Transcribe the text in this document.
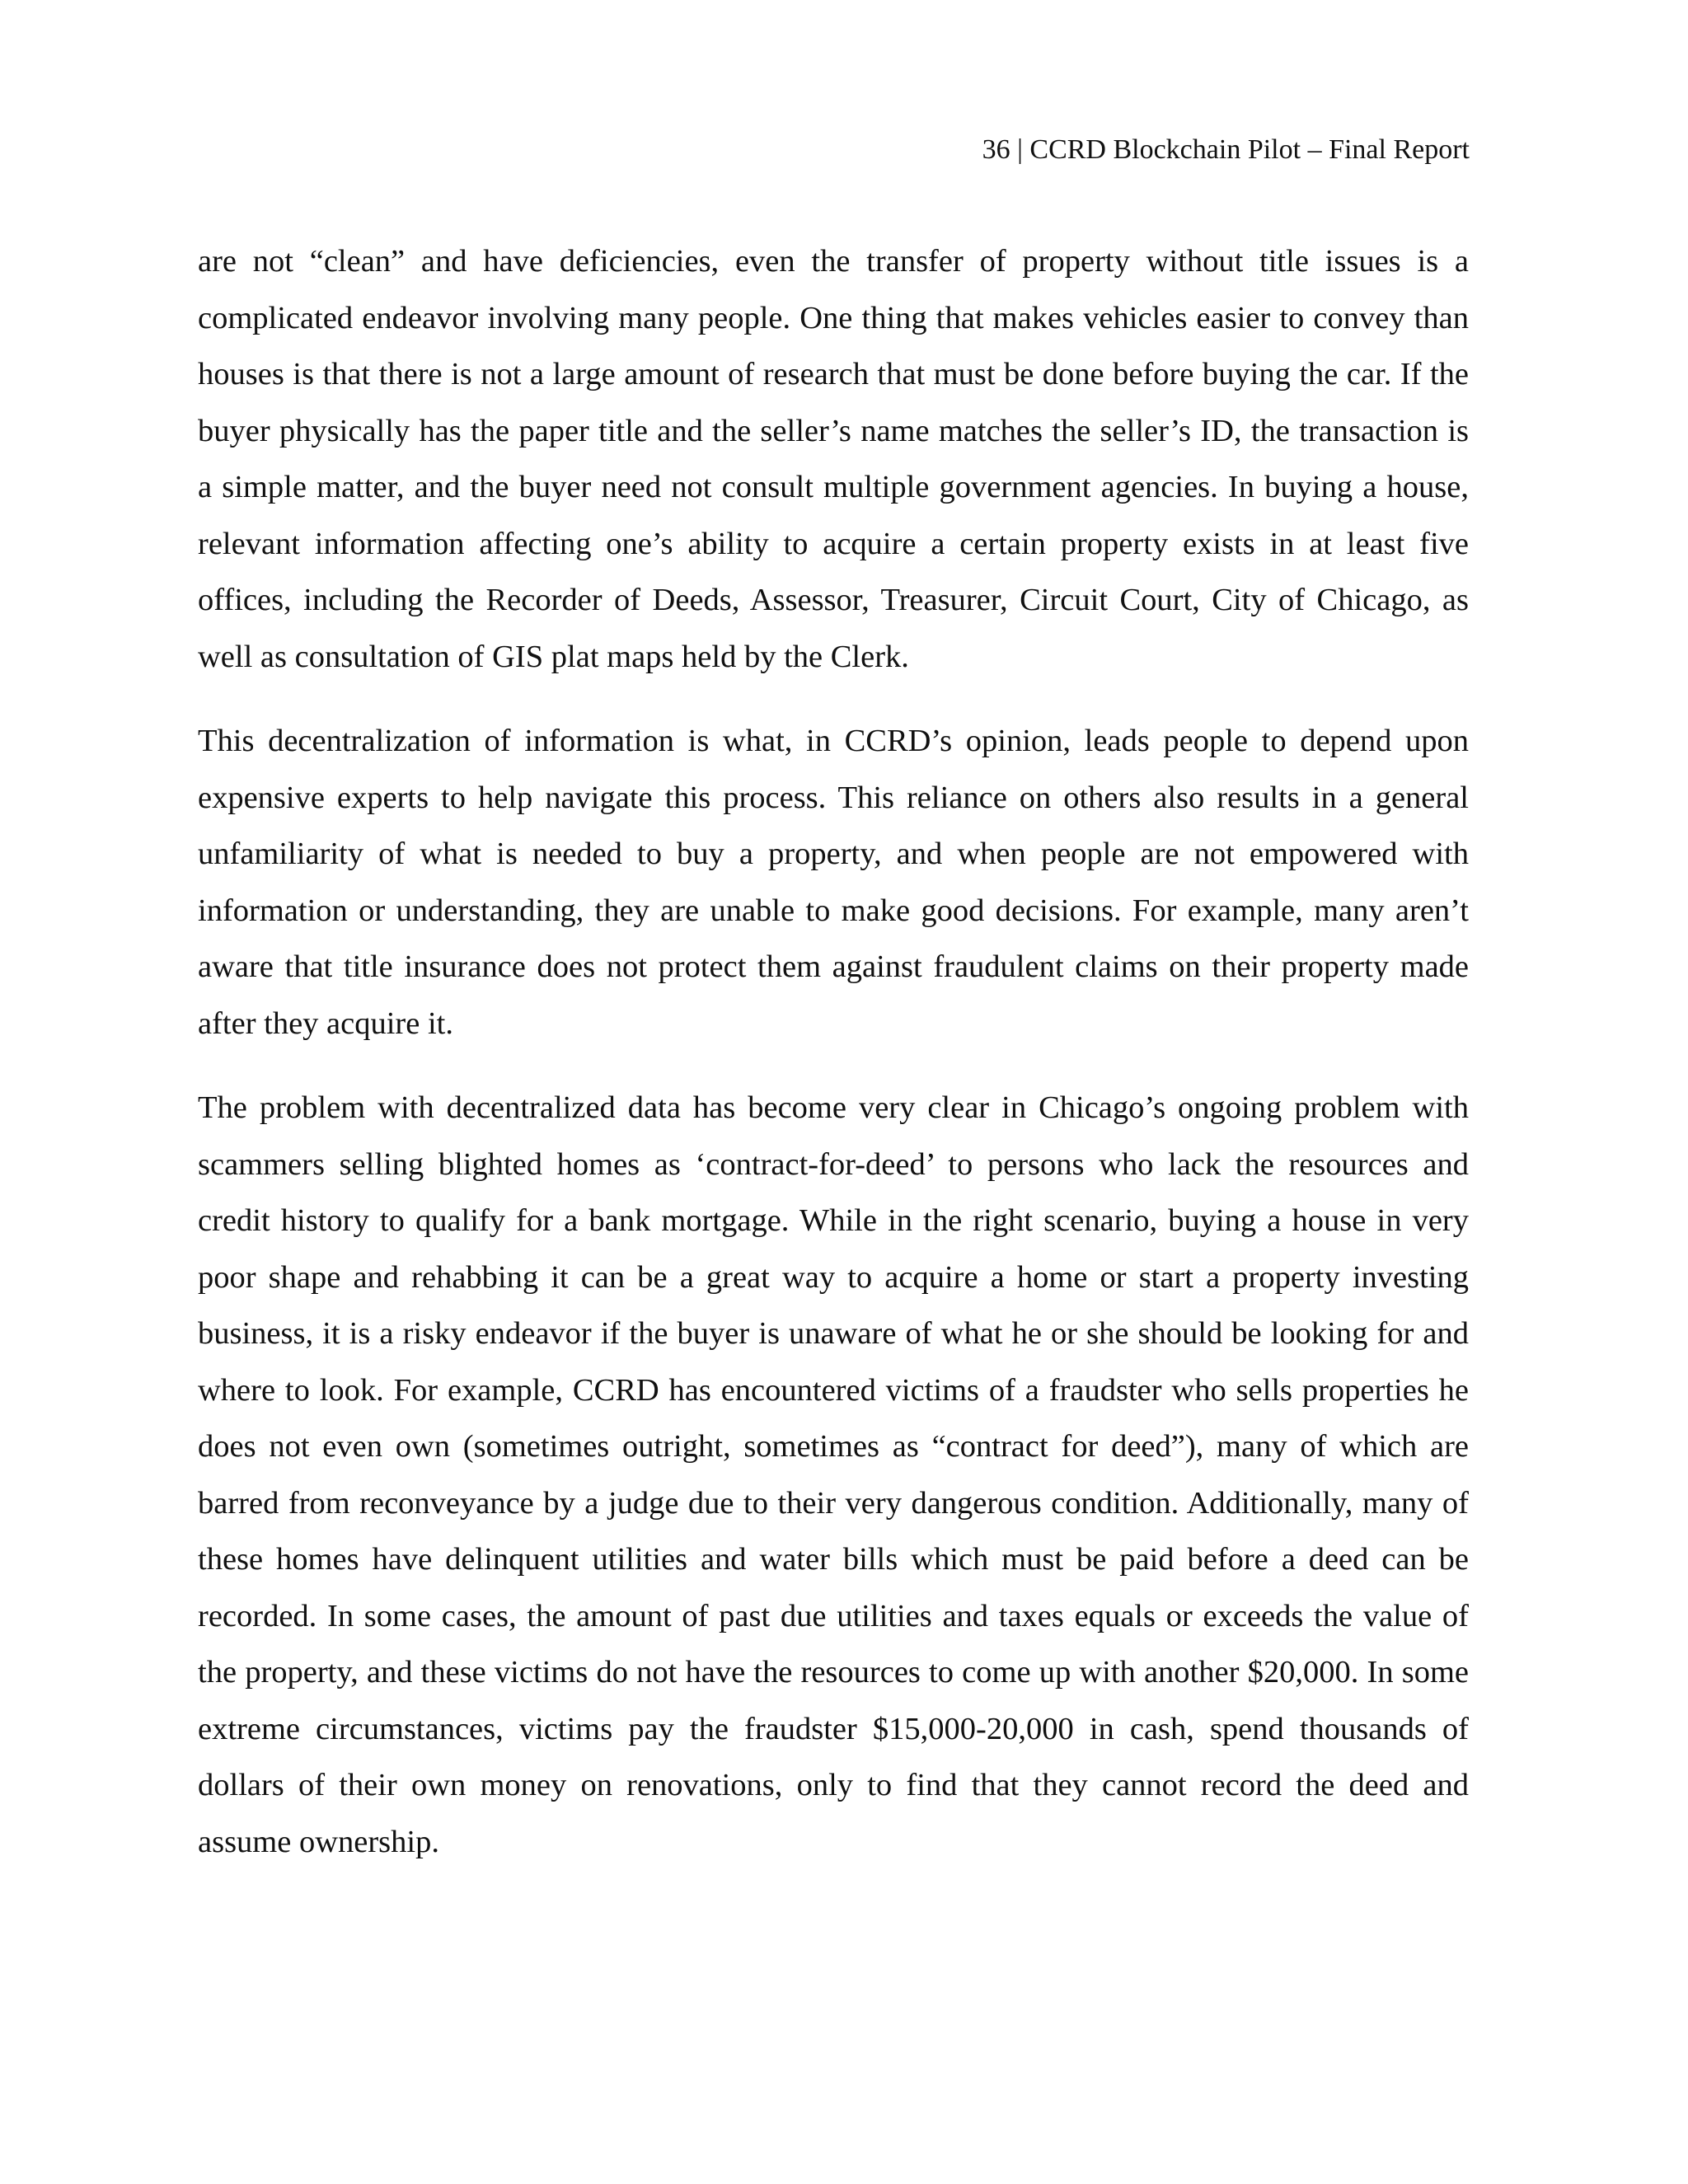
36 | CCRD Blockchain Pilot – Final Report

are not “clean” and have deficiencies, even the transfer of property without title issues is a complicated endeavor involving many people. One thing that makes vehicles easier to convey than houses is that there is not a large amount of research that must be done before buying the car. If the buyer physically has the paper title and the seller’s name matches the seller’s ID, the transaction is a simple matter, and the buyer need not consult multiple government agencies. In buying a house, relevant information affecting one’s ability to acquire a certain property exists in at least five offices, including the Recorder of Deeds, Assessor, Treasurer, Circuit Court, City of Chicago, as well as consultation of GIS plat maps held by the Clerk.

This decentralization of information is what, in CCRD’s opinion, leads people to depend upon expensive experts to help navigate this process. This reliance on others also results in a general unfamiliarity of what is needed to buy a property, and when people are not empowered with information or understanding, they are unable to make good decisions. For example, many aren’t aware that title insurance does not protect them against fraudulent claims on their property made after they acquire it.

The problem with decentralized data has become very clear in Chicago’s ongoing problem with scammers selling blighted homes as ‘contract-for-deed’ to persons who lack the resources and credit history to qualify for a bank mortgage. While in the right scenario, buying a house in very poor shape and rehabbing it can be a great way to acquire a home or start a property investing business, it is a risky endeavor if the buyer is unaware of what he or she should be looking for and where to look. For example, CCRD has encountered victims of a fraudster who sells properties he does not even own (sometimes outright, sometimes as “contract for deed”), many of which are barred from reconveyance by a judge due to their very dangerous condition. Additionally, many of these homes have delinquent utilities and water bills which must be paid before a deed can be recorded. In some cases, the amount of past due utilities and taxes equals or exceeds the value of the property, and these victims do not have the resources to come up with another $20,000. In some extreme circumstances, victims pay the fraudster $15,000-20,000 in cash, spend thousands of dollars of their own money on renovations, only to find that they cannot record the deed and assume ownership.
